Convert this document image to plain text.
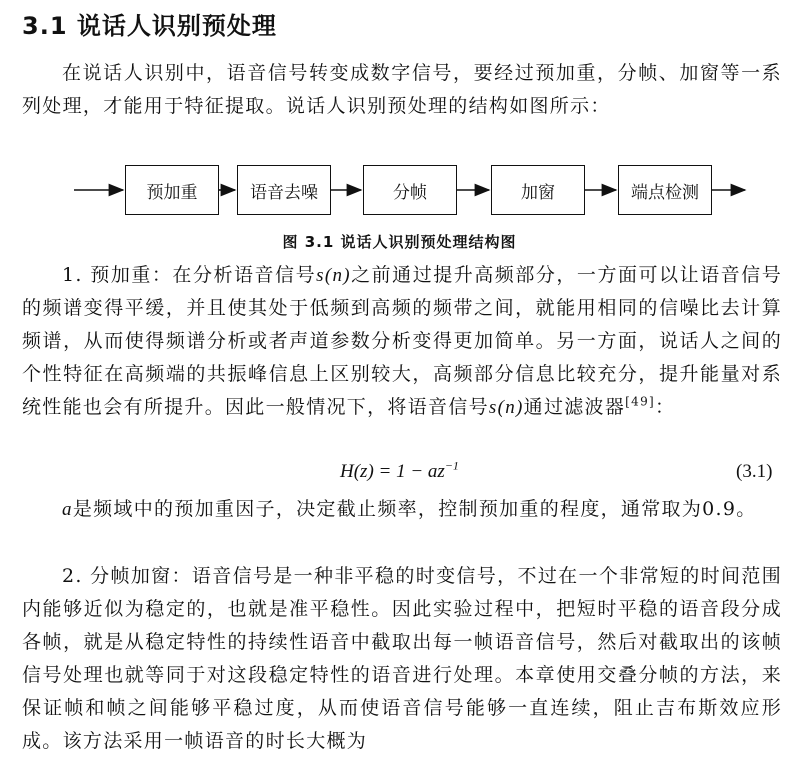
3.1 说话人识别预处理
在说话人识别中，语音信号转变成数字信号，要经过预加重，分帧、加窗等一系列处理，才能用于特征提取。说话人识别预处理的结构如图所示：
预加重	语音去噪	分帧	加窗	端点检测
图 3.1 说话人识别预处理结构图
1. 预加重：在分析语音信号s(n)之前通过提升高频部分，一方面可以让语音信号的频谱变得平缓，并且使其处于低频到高频的频带之间，就能用相同的信噪比去计算频谱，从而使得频谱分析或者声道参数分析变得更加简单。另一方面，说话人之间的个性特征在高频端的共振峰信息上区别较大，高频部分信息比较充分，提升能量对系统性能也会有所提升。因此一般情况下，将语音信号s(n)通过滤波器[49]：
$H(z) = 1 - az^{-1}$	(3.1)
a是频域中的预加重因子，决定截止频率，控制预加重的程度，通常取为0.9。
2. 分帧加窗：语音信号是一种非平稳的时变信号，不过在一个非常短的时间范围内能够近似为稳定的，也就是准平稳性。因此实验过程中，把短时平稳的语音段分成各帧，就是从稳定特性的持续性语音中截取出每一帧语音信号，然后对截取出的该帧信号处理也就等同于对这段稳定特性的语音进行处理。本章使用交叠分帧的方法，来保证帧和帧之间能够平稳过度，从而使语音信号能够一直连续，阻止吉布斯效应形成。该方法采用一帧语音的时长大概为
